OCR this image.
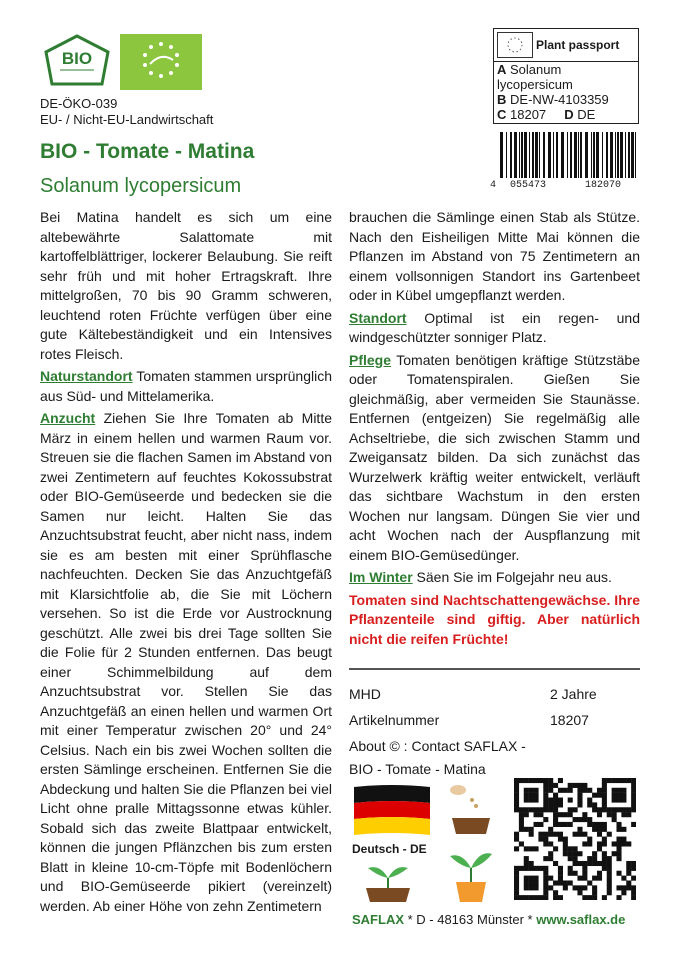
BIO
DE-ÖKO-039
EU- / Nicht-EU-Landwirtschaft
BIO - Tomate - Matina
Solanum lycopersicum
Plant passport
A Solanum
lycopersicum
B DE-NW-4103359
C 18207 D DE
4 055473	182070

Bei Matina handelt es sich um eine altebewährte Salattomate mit kartoffelblättriger, lockerer Belaubung. Sie reift sehr früh und mit hoher Ertragskraft. Ihre mittelgroßen, 70 bis 90 Gramm schweren, leuchtend roten Früchte verfügen über eine gute Kältebeständigkeit und ein Intensives rotes Fleisch.

Naturstandort Tomaten stammen ursprünglich aus Süd- und Mittelamerika.

Anzucht Ziehen Sie Ihre Tomaten ab Mitte März in einem hellen und warmen Raum vor. Streuen sie die flachen Samen im Abstand von zwei Zentimetern auf feuchtes Kokossubstrat oder BIO-Gemüseerde und bedecken sie die Samen nur leicht. Halten Sie das Anzuchtsubstrat feucht, aber nicht nass, indem sie es am besten mit einer Sprühflasche nachfeuchten. Decken Sie das Anzuchtgefäß mit Klarsichtfolie ab, die Sie mit Löchern versehen. So ist die Erde vor Austrocknung geschützt. Alle zwei bis drei Tage sollten Sie die Folie für 2 Stunden entfernen. Das beugt einer Schimmelbildung auf dem Anzuchtsubstrat vor. Stellen Sie das Anzuchtgefäß an einen hellen und warmen Ort mit einer Temperatur zwischen 20° und 24° Celsius. Nach ein bis zwei Wochen sollten die ersten Sämlinge erscheinen. Entfernen Sie die Abdeckung und halten Sie die Pflanzen bei viel Licht ohne pralle Mittagssonne etwas kühler. Sobald sich das zweite Blattpaar entwickelt, können die jungen Pflänzchen bis zum ersten Blatt in kleine 10-cm-Töpfe mit Bodenlöchern und BIO-Gemüseerde pikiert (vereinzelt) werden. Ab einer Höhe von zehn Zentimetern

brauchen die Sämlinge einen Stab als Stütze. Nach den Eisheiligen Mitte Mai können die Pflanzen im Abstand von 75 Zentimetern an einem vollsonnigen Standort ins Gartenbeet oder in Kübel umgepflanzt werden.

Standort Optimal ist ein regen- und windgeschützter sonniger Platz.

Pflege Tomaten benötigen kräftige Stützstäbe oder Tomatenspiralen. Gießen Sie gleichmäßig, aber vermeiden Sie Staunässe. Entfernen (entgeizen) Sie regelmäßig alle Achseltriebe, die sich zwischen Stamm und Zweigansatz bilden. Da sich zunächst das Wurzelwerk kräftig weiter entwickelt, verläuft das sichtbare Wachstum in den ersten Wochen nur langsam. Düngen Sie vier und acht Wochen nach der Auspflanzung mit einem BIO-Gemüsedünger.

Im Winter Säen Sie im Folgejahr neu aus.

Tomaten sind Nachtschattengewächse. Ihre Pflanzenteile sind giftig. Aber natürlich nicht die reifen Früchte!

MHD	2 Jahre
Artikelnummer	18207
About © : Contact SAFLAX -
BIO - Tomate - Matina
Deutsch - DE
SAFLAX * D - 48163 Münster * www.saflax.de
